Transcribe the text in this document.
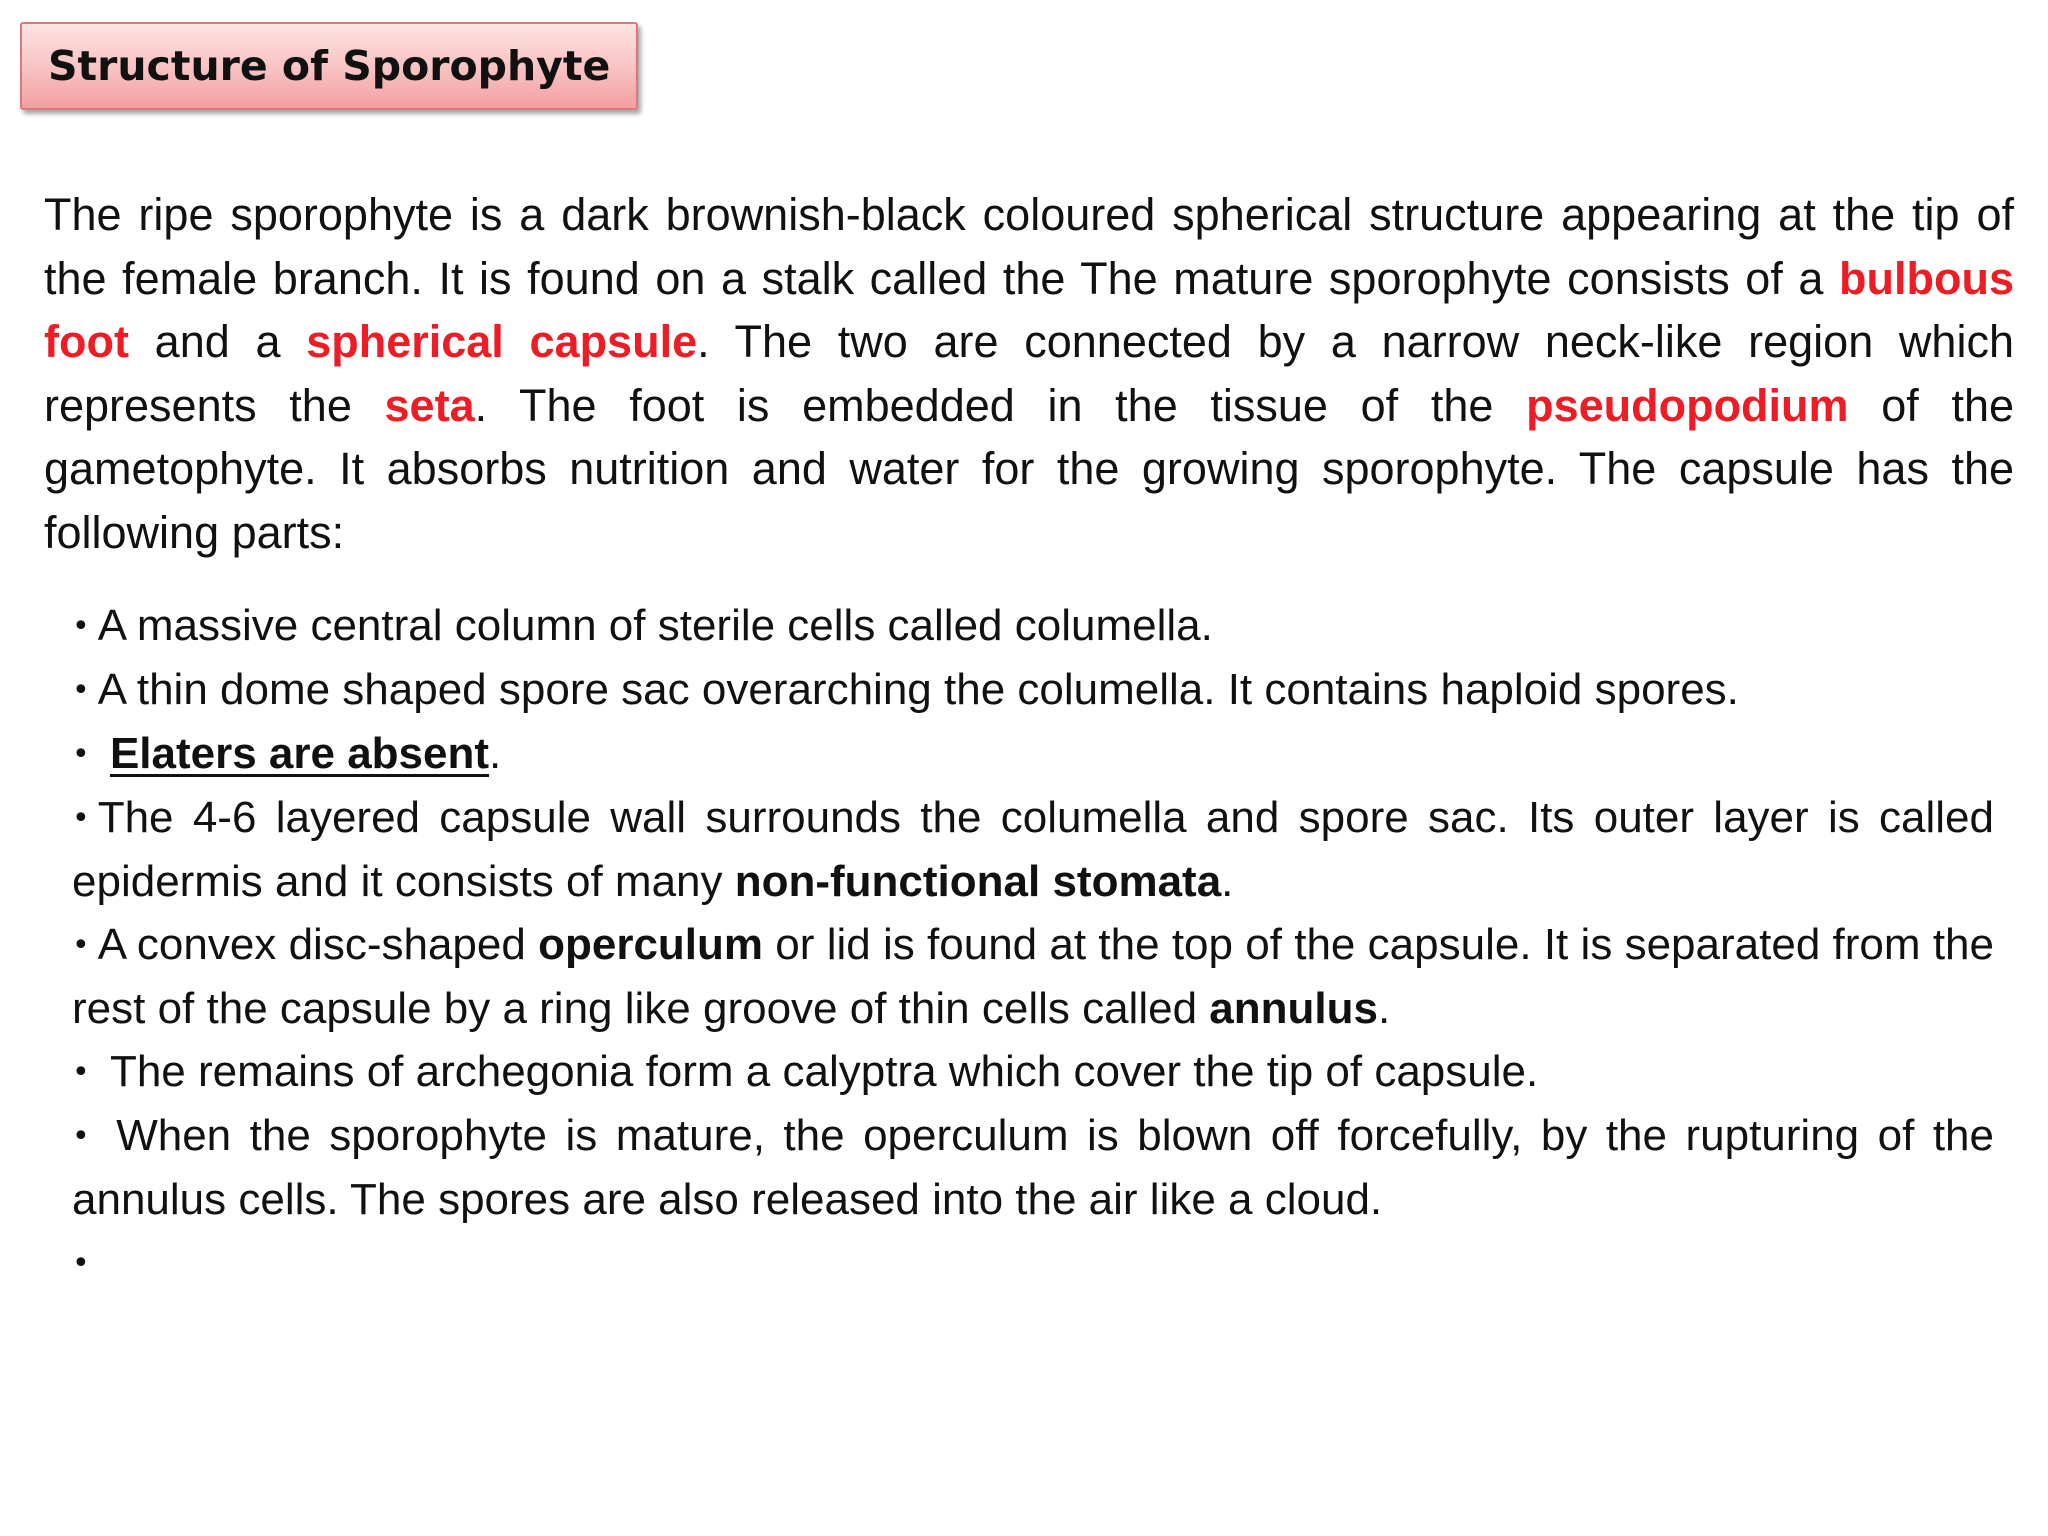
Structure of Sporophyte

The ripe sporophyte is a dark brownish-black coloured spherical structure appearing at the tip of the female branch. It is found on a stalk called the The mature sporophyte consists of a bulbous foot and a spherical capsule. The two are connected by a narrow neck-like region which represents the seta. The foot is embedded in the tissue of the pseudopodium of the gametophyte. It absorbs nutrition and water for the growing sporophyte. The capsule has the following parts:

• A massive central column of sterile cells called columella.
• A thin dome shaped spore sac overarching the columella. It contains haploid spores.
• Elaters are absent.
• The 4-6 layered capsule wall surrounds the columella and spore sac. Its outer layer is called epidermis and it consists of many non-functional stomata.
• A convex disc-shaped operculum or lid is found at the top of the capsule. It is separated from the rest of the capsule by a ring like groove of thin cells called annulus.
• The remains of archegonia form a calyptra which cover the tip of capsule.
• When the sporophyte is mature, the operculum is blown off forcefully, by the rupturing of the annulus cells. The spores are also released into the air like a cloud.
•
